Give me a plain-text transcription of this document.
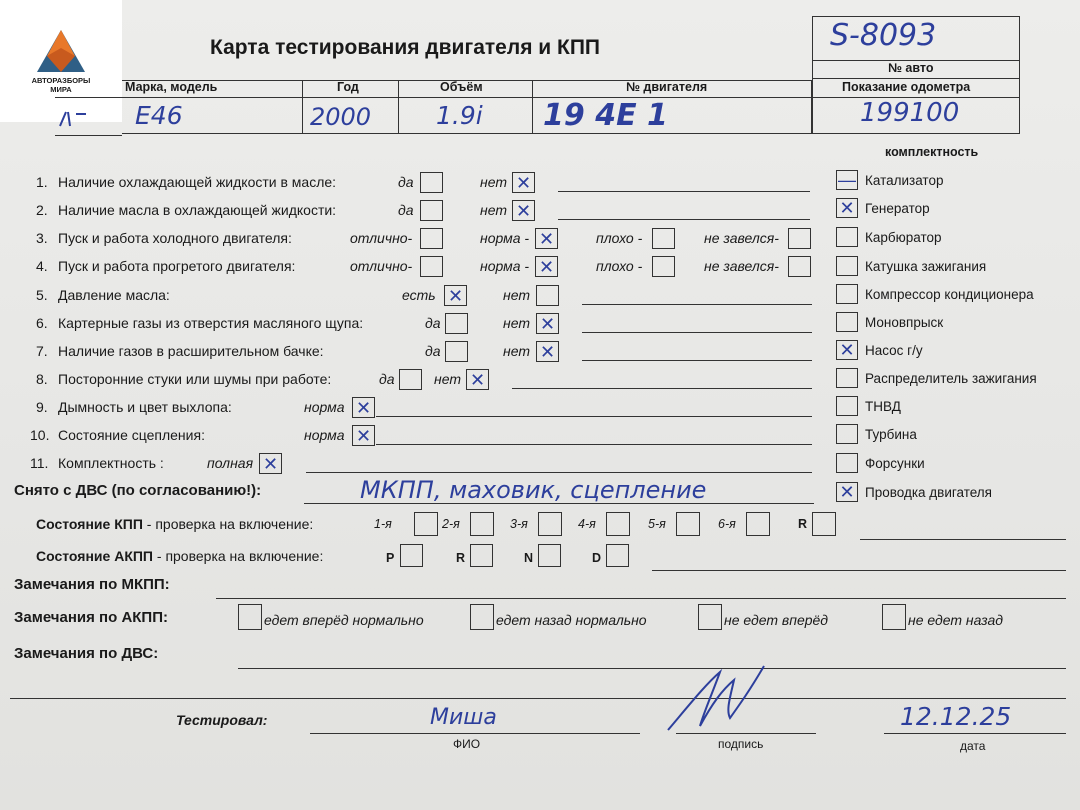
АВТОРАЗБОРЫ
МИРА
Карта тестирования двигателя и КПП	S-8093
№ авто
Показание одометра
199100
Марка, модель	Год	Объём	№ двигателя
E46	2000	1.9i 19 4E 1
комплектность
— Катализатор
✕ Генератор
Карбюратор
Катушка зажигания
Компрессор кондиционера
Моновпрыск
✕ Насос г/у
Распределитель зажигания
ТНВД
Турбина
Форсунки
✕ Проводка двигателя
1. Наличие охлаждающей жидкости в масле:	да	нет ✕
2. Наличие масла в охлаждающей жидкости:	да	нет ✕
3. Пуск и работа холодного двигателя:	отлично-	норма - ✕	плохо -	не завелся-
4. Пуск и работа прогретого двигателя:	отлично-	норма - ✕	плохо -	не завелся-
5. Давление масла:	есть ✕	нет
6. Картерные газы из отверстия масляного щупа:	да	нет ✕
7. Наличие газов в расширительном бачке:	да	нет ✕
8. Посторонние стуки или шумы при работе:	да	нет ✕
9. Дымность и цвет выхлопа:	норма ✕
10. Состояние сцепления:	норма ✕
11. Комплектность :	полная ✕
Снято с ДВС (по согласованию!):	МКПП, маховик, сцепление
Состояние КПП - проверка на включение:	1-я	2-я	3-я	4-я	5-я	6-я	R
Состояние АКПП - проверка на включение:	P	R	N	D
Замечания по МКПП:
Замечания по АКПП:	едет вперёд нормально	едет назад нормально	не едет вперёд	не едет назад
Замечания по ДВС:
Тестировал:	Миша
ФИО	подпись
12.12.25
дата
